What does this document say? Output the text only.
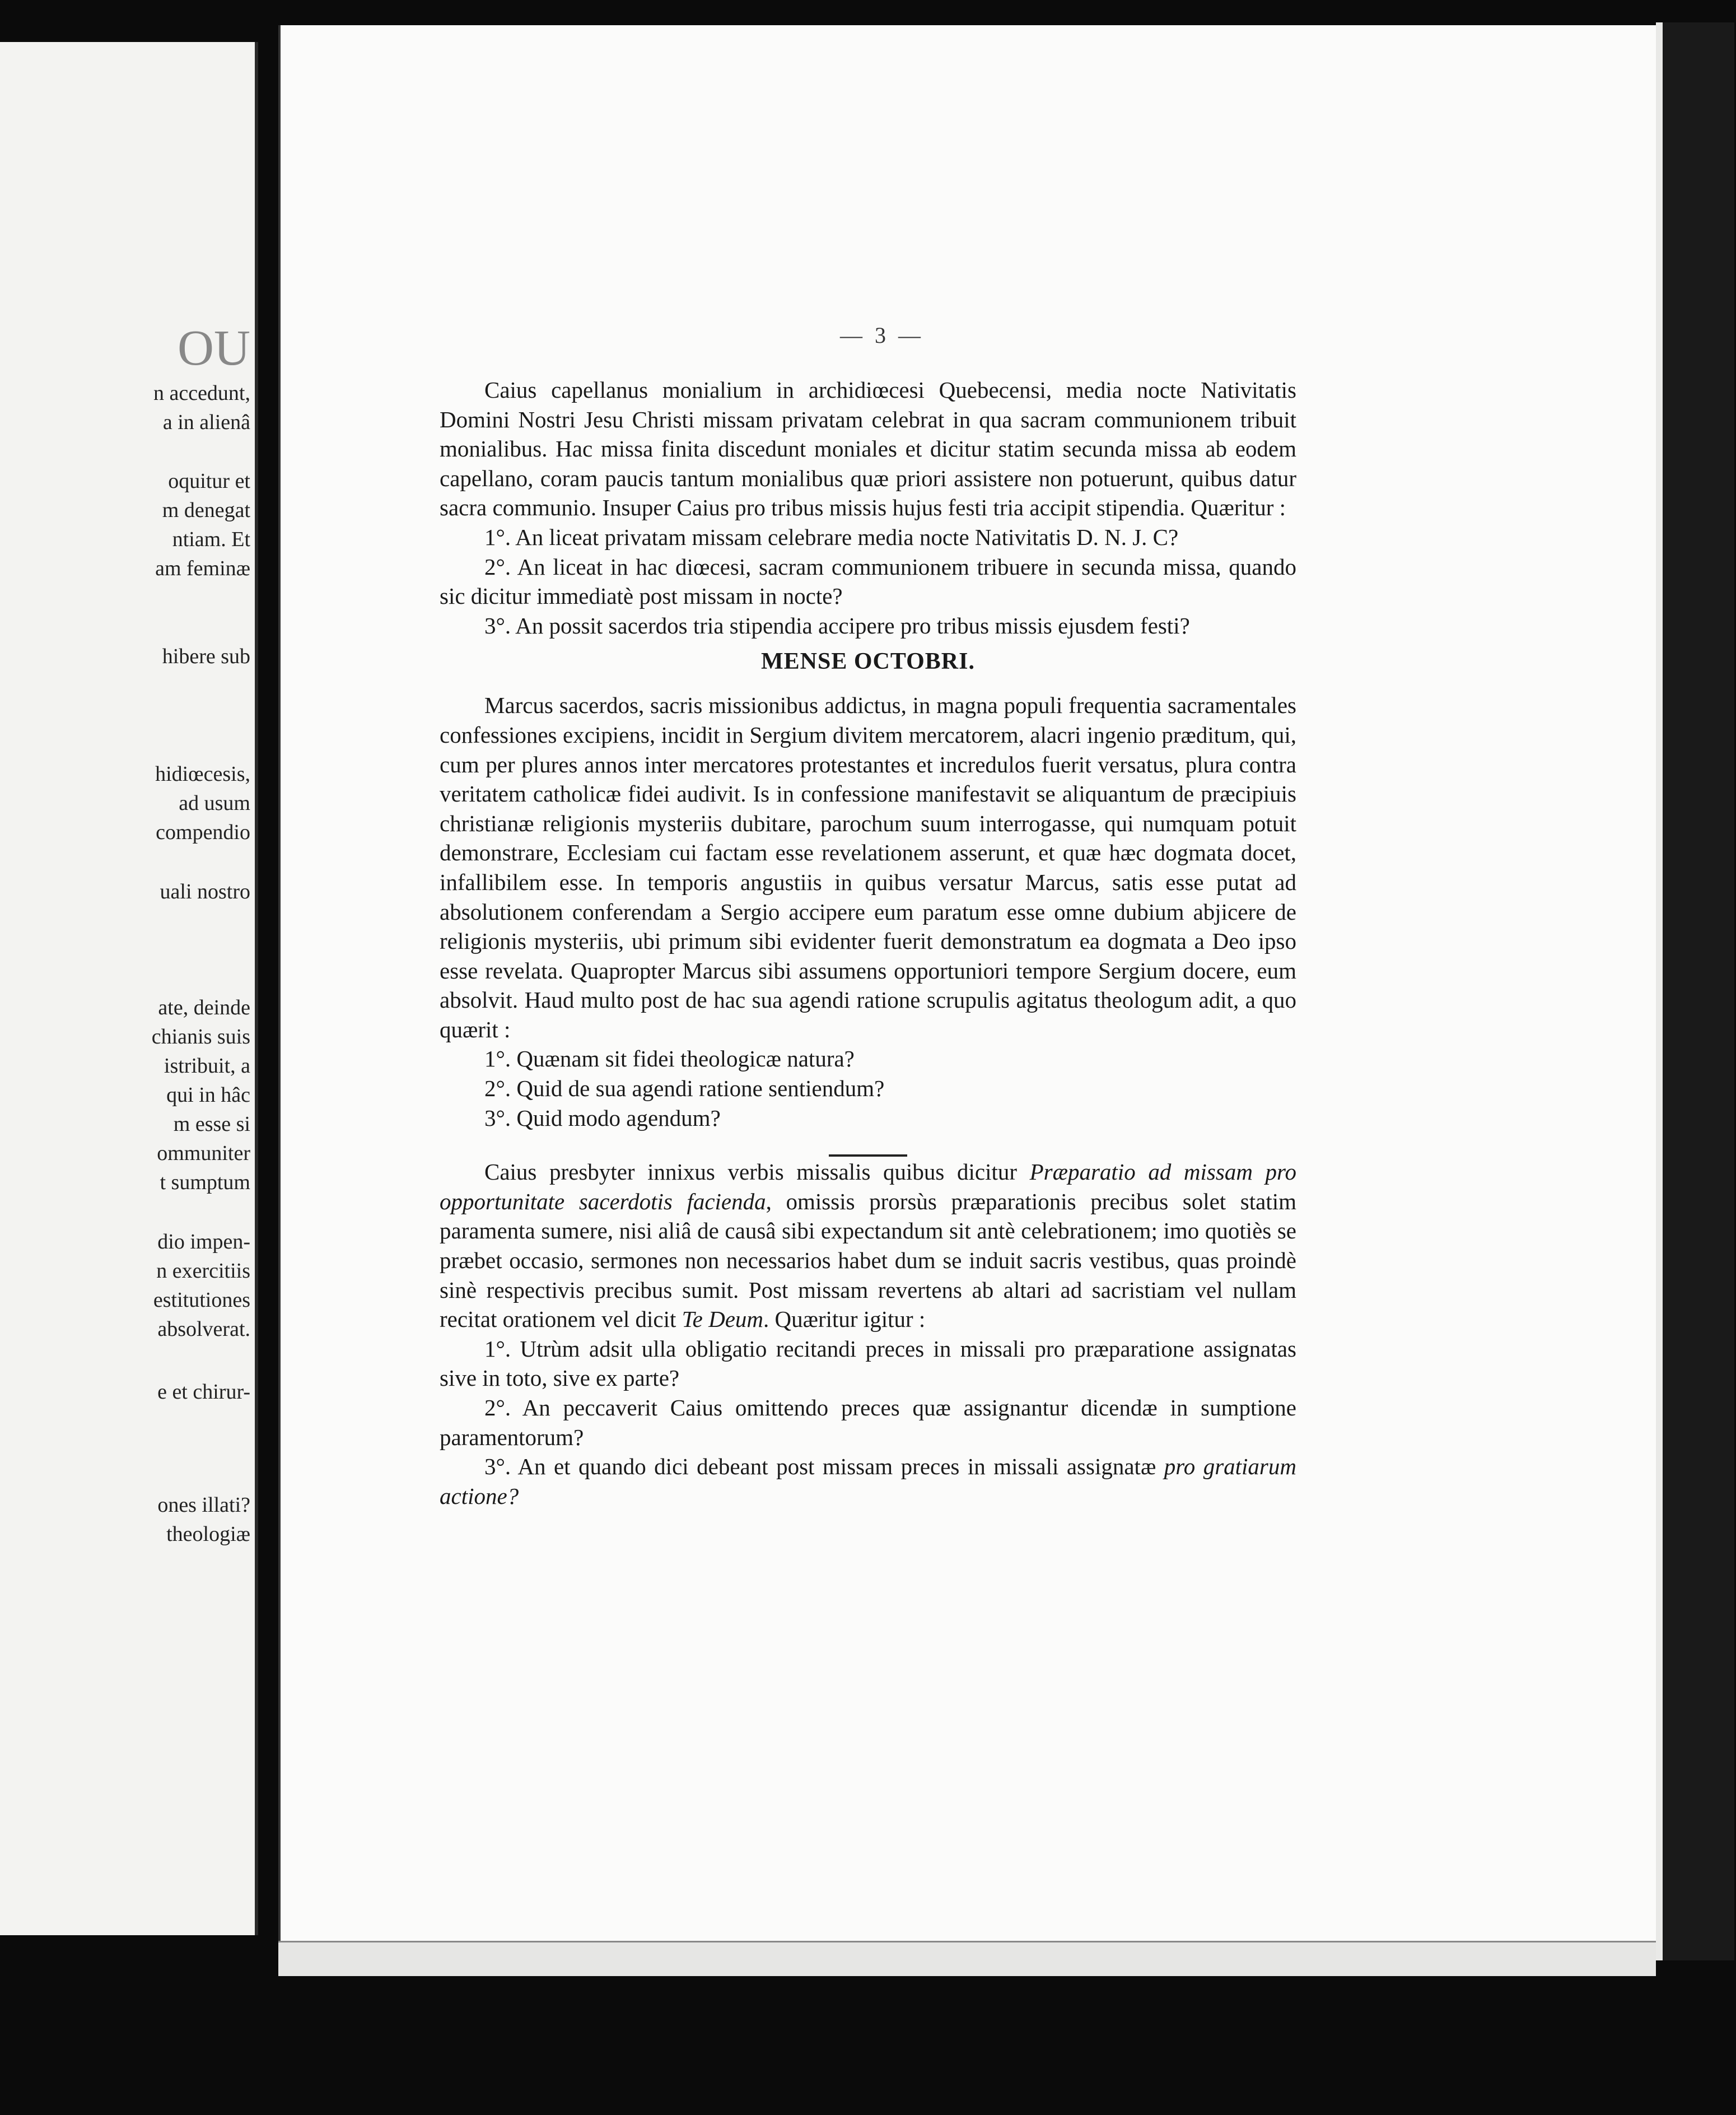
OU
n accedunt,
a in alienâ
oquitur et
m denegat
ntiam. Et
am feminæ
hibere sub
hidiœcesis,
ad usum
compendio
uali nostro
ate, deinde
chianis suis
istribuit, a
qui in hâc
m esse si
ommuniter
t sumptum
dio impen-
n exercitiis
estitutiones
absolverat.
e et chirur-
ones illati?
theologiæ
— 3 —

Caius capellanus monialium in archidiœcesi Quebecensi, media nocte Nativitatis Domini Nostri Jesu Christi missam privatam celebrat in qua sacram communionem tribuit monialibus. Hac missa finita discedunt moniales et dicitur statim secunda missa ab eodem capellano, coram paucis tantum monialibus quæ priori assistere non potuerunt, quibus datur sacra communio. Insuper Caius pro tribus missis hujus festi tria accipit stipendia. Quæritur :

1°. An liceat privatam missam celebrare media nocte Nativitatis D. N. J. C?

2°. An liceat in hac diœcesi, sacram communionem tribuere in secunda missa, quando sic dicitur immediatè post missam in nocte?

3°. An possit sacerdos tria stipendia accipere pro tribus missis ejusdem festi?

MENSE OCTOBRI.

Marcus sacerdos, sacris missionibus addictus, in magna populi frequentia sacramentales confessiones excipiens, incidit in Sergium divitem mercatorem, alacri ingenio præditum, qui, cum per plures annos inter mercatores protestantes et incredulos fuerit versatus, plura contra veritatem catholicæ fidei audivit. Is in confessione manifestavit se aliquantum de præcipiuis christianæ religionis mysteriis dubitare, parochum suum interrogasse, qui numquam potuit demonstrare, Ecclesiam cui factam esse revelationem asserunt, et quæ hæc dogmata docet, infallibilem esse. In temporis angustiis in quibus versatur Marcus, satis esse putat ad absolutionem conferendam a Sergio accipere eum paratum esse omne dubium abjicere de religionis mysteriis, ubi primum sibi evidenter fuerit demonstratum ea dogmata a Deo ipso esse revelata. Quapropter Marcus sibi assumens opportuniori tempore Sergium docere, eum absolvit. Haud multo post de hac sua agendi ratione scrupulis agitatus theologum adit, a quo quærit :

1°. Quænam sit fidei theologicæ natura?

2°. Quid de sua agendi ratione sentiendum?

3°. Quid modo agendum?

Caius presbyter innixus verbis missalis quibus dicitur Præparatio ad missam pro opportunitate sacerdotis facienda, omissis prorsùs præparationis precibus solet statim paramenta sumere, nisi aliâ de causâ sibi expectandum sit antè celebrationem; imo quotiès se præbet occasio, sermones non necessarios habet dum se induit sacris vestibus, quas proindè sinè respectivis precibus sumit. Post missam revertens ab altari ad sacristiam vel nullam recitat orationem vel dicit Te Deum. Quæritur igitur :

1°. Utrùm adsit ulla obligatio recitandi preces in missali pro præparatione assignatas sive in toto, sive ex parte?

2°. An peccaverit Caius omittendo preces quæ assignantur dicendæ in sumptione paramentorum?

3°. An et quando dici debeant post missam preces in missali assignatæ pro gratiarum actione?
